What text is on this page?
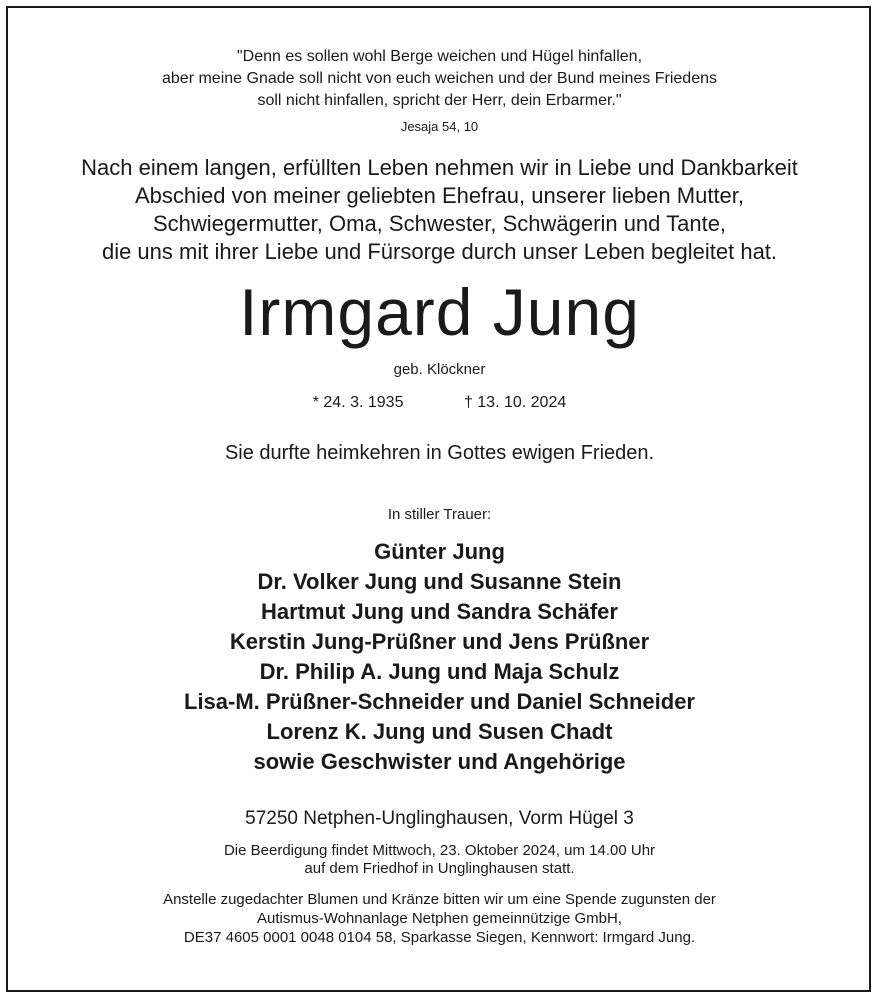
"Denn es sollen wohl Berge weichen und Hügel hinfallen,
aber meine Gnade soll nicht von euch weichen und der Bund meines Friedens
soll nicht hinfallen, spricht der Herr, dein Erbarmer."
Jesaja 54, 10
Nach einem langen, erfüllten Leben nehmen wir in Liebe und Dankbarkeit
Abschied von meiner geliebten Ehefrau, unserer lieben Mutter,
Schwiegermutter, Oma, Schwester, Schwägerin und Tante,
die uns mit ihrer Liebe und Fürsorge durch unser Leben begleitet hat.
Irmgard Jung
geb. Klöckner
* 24. 3. 1935	† 13. 10. 2024
Sie durfte heimkehren in Gottes ewigen Frieden.
In stiller Trauer:
Günter Jung
Dr. Volker Jung und Susanne Stein
Hartmut Jung und Sandra Schäfer
Kerstin Jung-Prüßner und Jens Prüßner
Dr. Philip A. Jung und Maja Schulz
Lisa-M. Prüßner-Schneider und Daniel Schneider
Lorenz K. Jung und Susen Chadt
sowie Geschwister und Angehörige
57250 Netphen-Unglinghausen, Vorm Hügel 3
Die Beerdigung findet Mittwoch, 23. Oktober 2024, um 14.00 Uhr
auf dem Friedhof in Unglinghausen statt.
Anstelle zugedachter Blumen und Kränze bitten wir um eine Spende zugunsten der
Autismus-Wohnanlage Netphen gemeinnützige GmbH,
DE37 4605 0001 0048 0104 58, Sparkasse Siegen, Kennwort: Irmgard Jung.
